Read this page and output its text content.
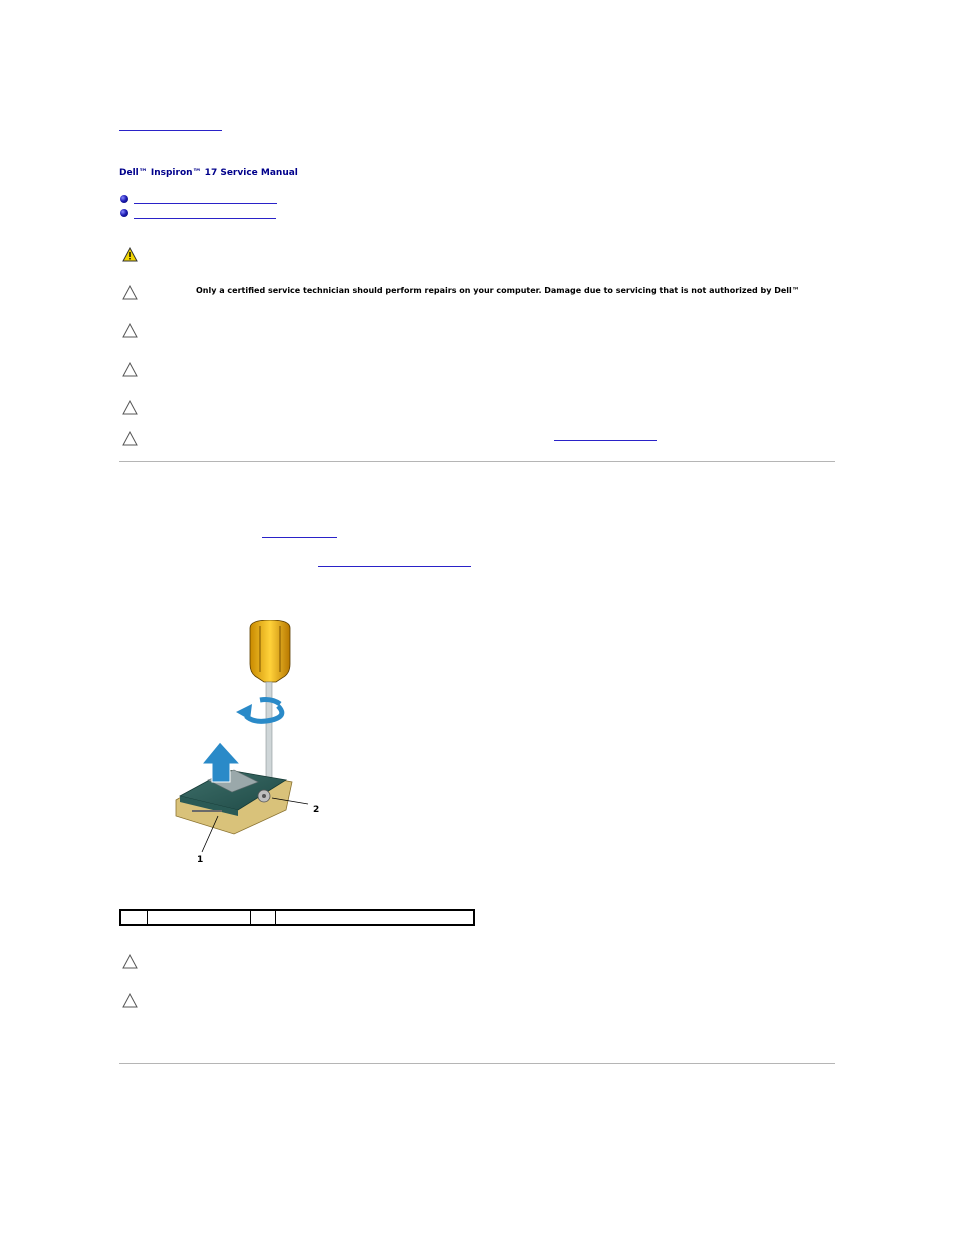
Dell™ Inspiron™ 17 Service Manual
Only a certified service technician should perform repairs on your computer. Damage due to servicing that is not authorized by Dell™
2
1
